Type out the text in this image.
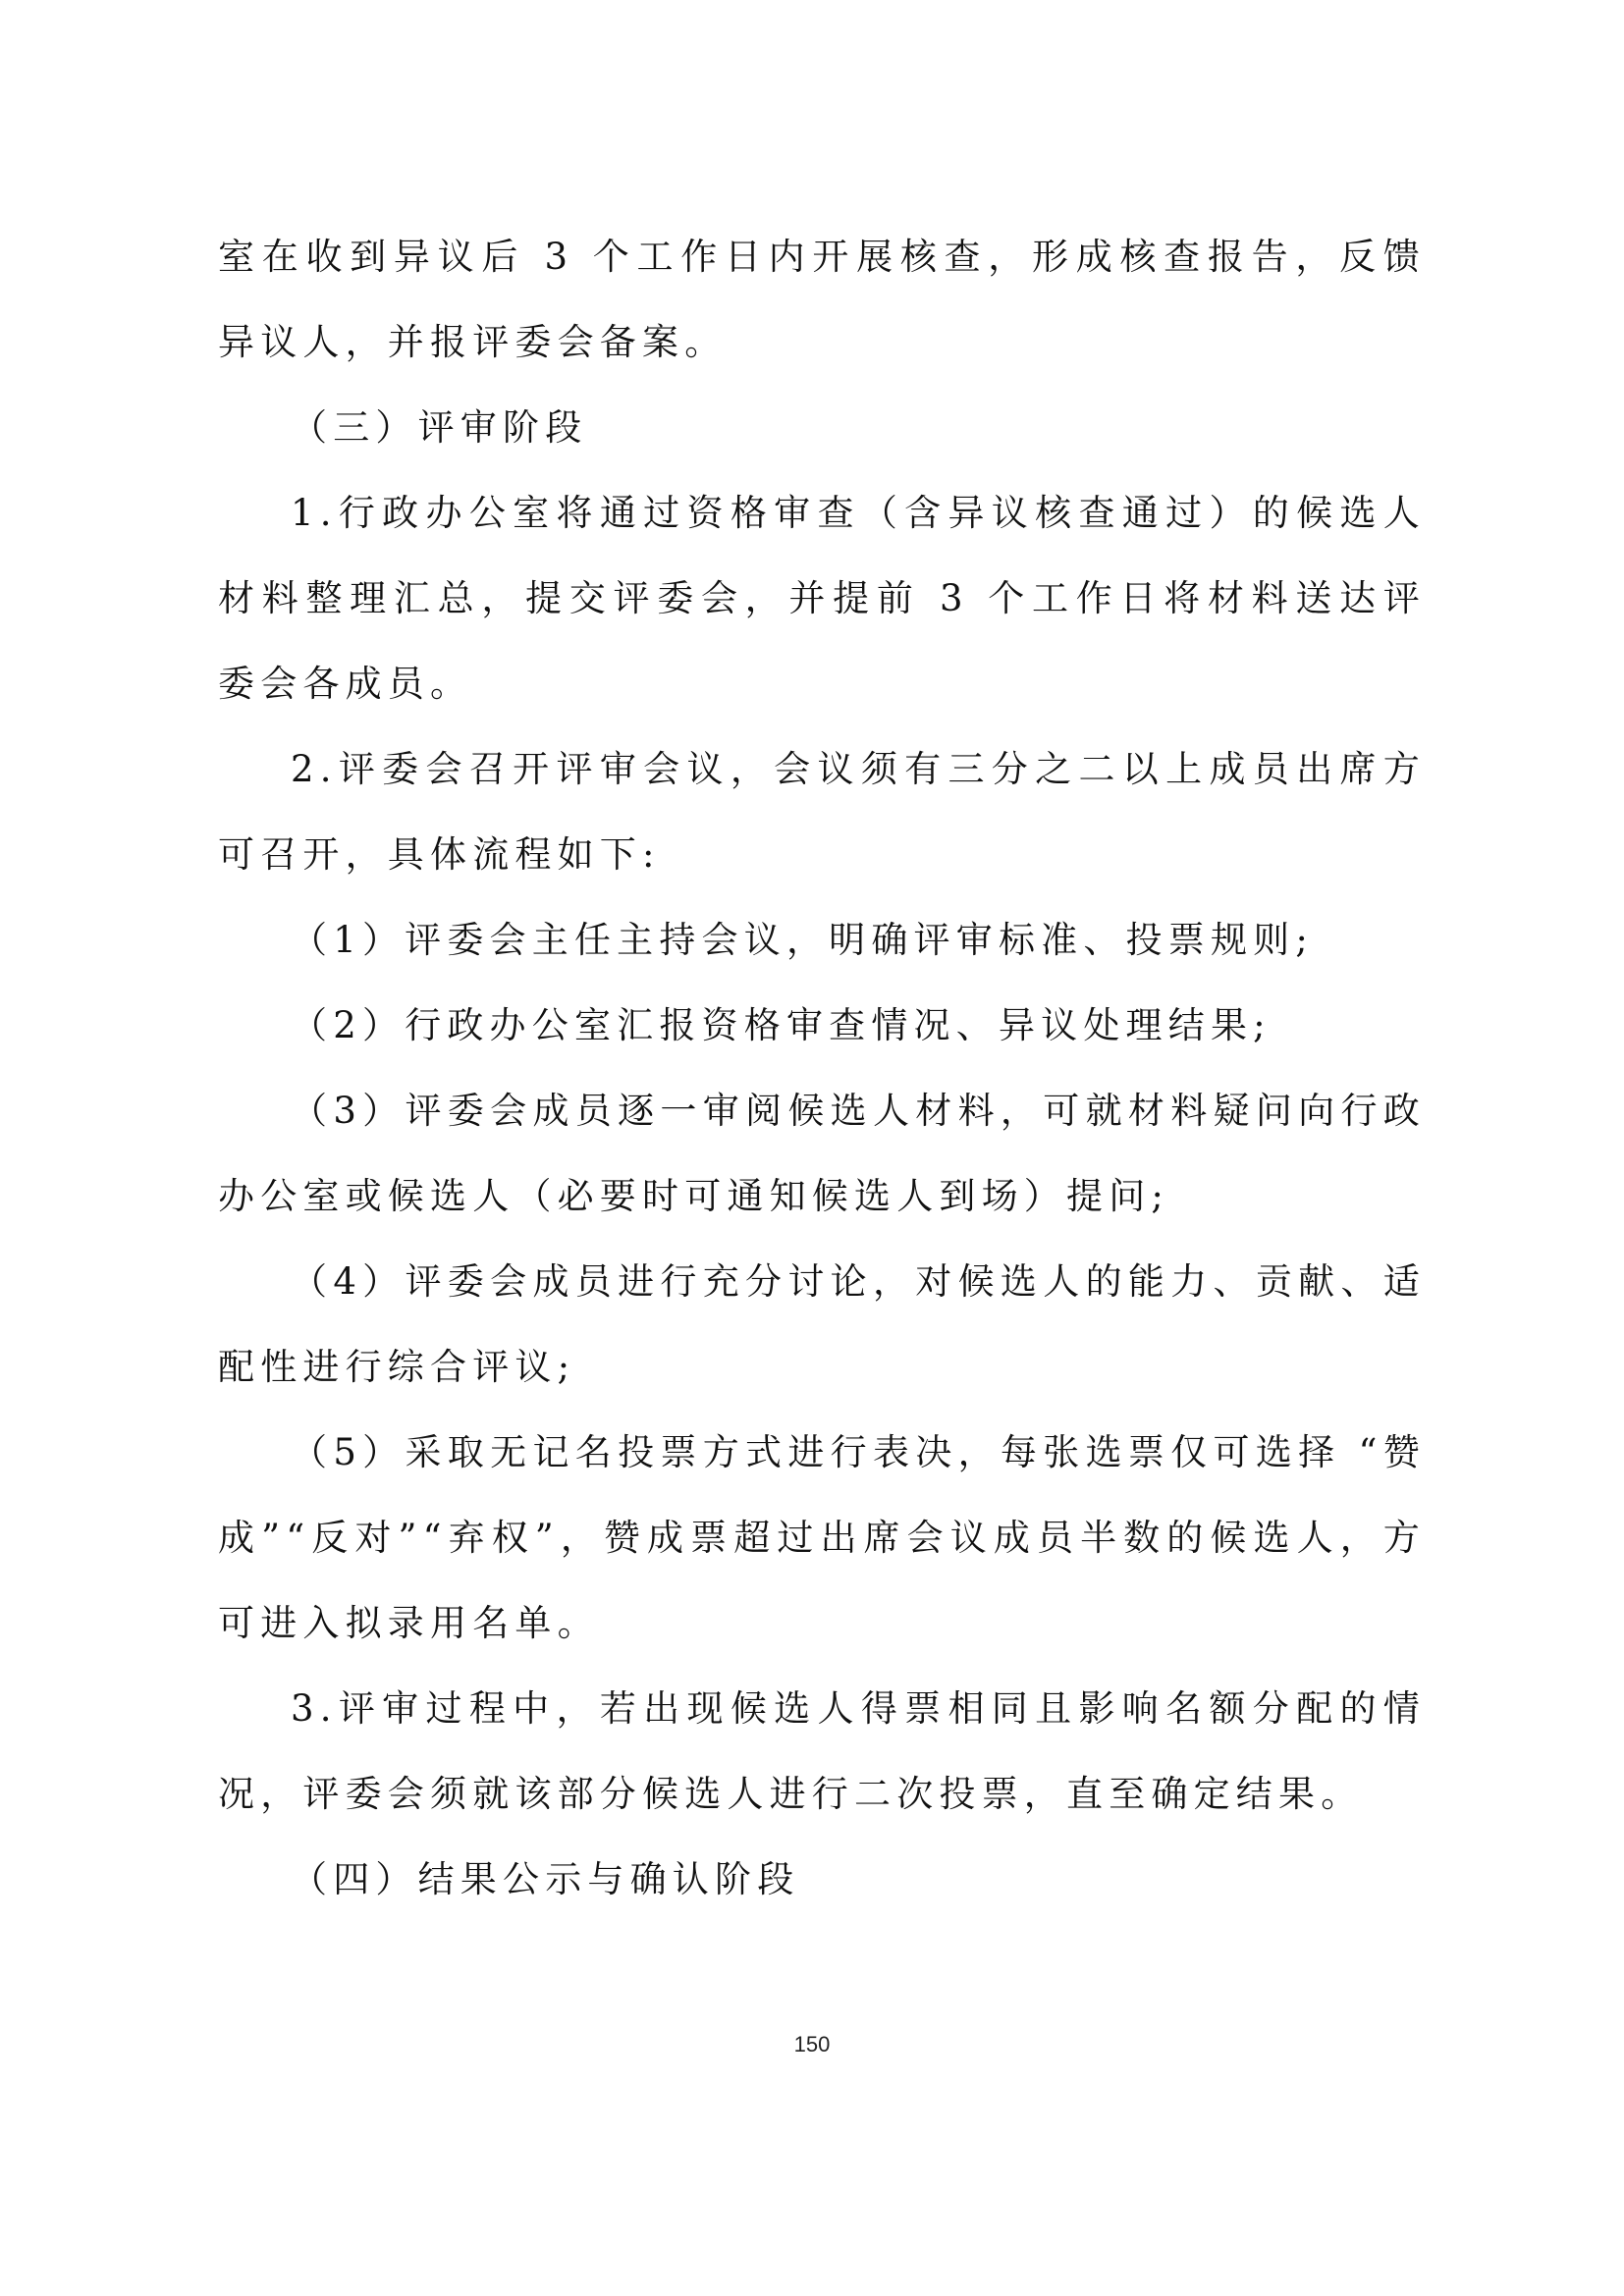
室在收到异议后 3 个工作日内开展核查，形成核查报告，反馈异议人，并报评委会备案。

（三）评审阶段

1.行政办公室将通过资格审查（含异议核查通过）的候选人材料整理汇总，提交评委会，并提前 3 个工作日将材料送达评委会各成员。

2.评委会召开评审会议，会议须有三分之二以上成员出席方可召开，具体流程如下:

（1）评委会主任主持会议，明确评审标准、投票规则;

（2）行政办公室汇报资格审查情况、异议处理结果;

（3）评委会成员逐一审阅候选人材料，可就材料疑问向行政办公室或候选人（必要时可通知候选人到场）提问;

（4）评委会成员进行充分讨论，对候选人的能力、贡献、适配性进行综合评议;

（5）采取无记名投票方式进行表决，每张选票仅可选择 “赞成”“反对”“弃权”，赞成票超过出席会议成员半数的候选人，方可进入拟录用名单。

3.评审过程中，若出现候选人得票相同且影响名额分配的情况，评委会须就该部分候选人进行二次投票，直至确定结果。

（四）结果公示与确认阶段

150
